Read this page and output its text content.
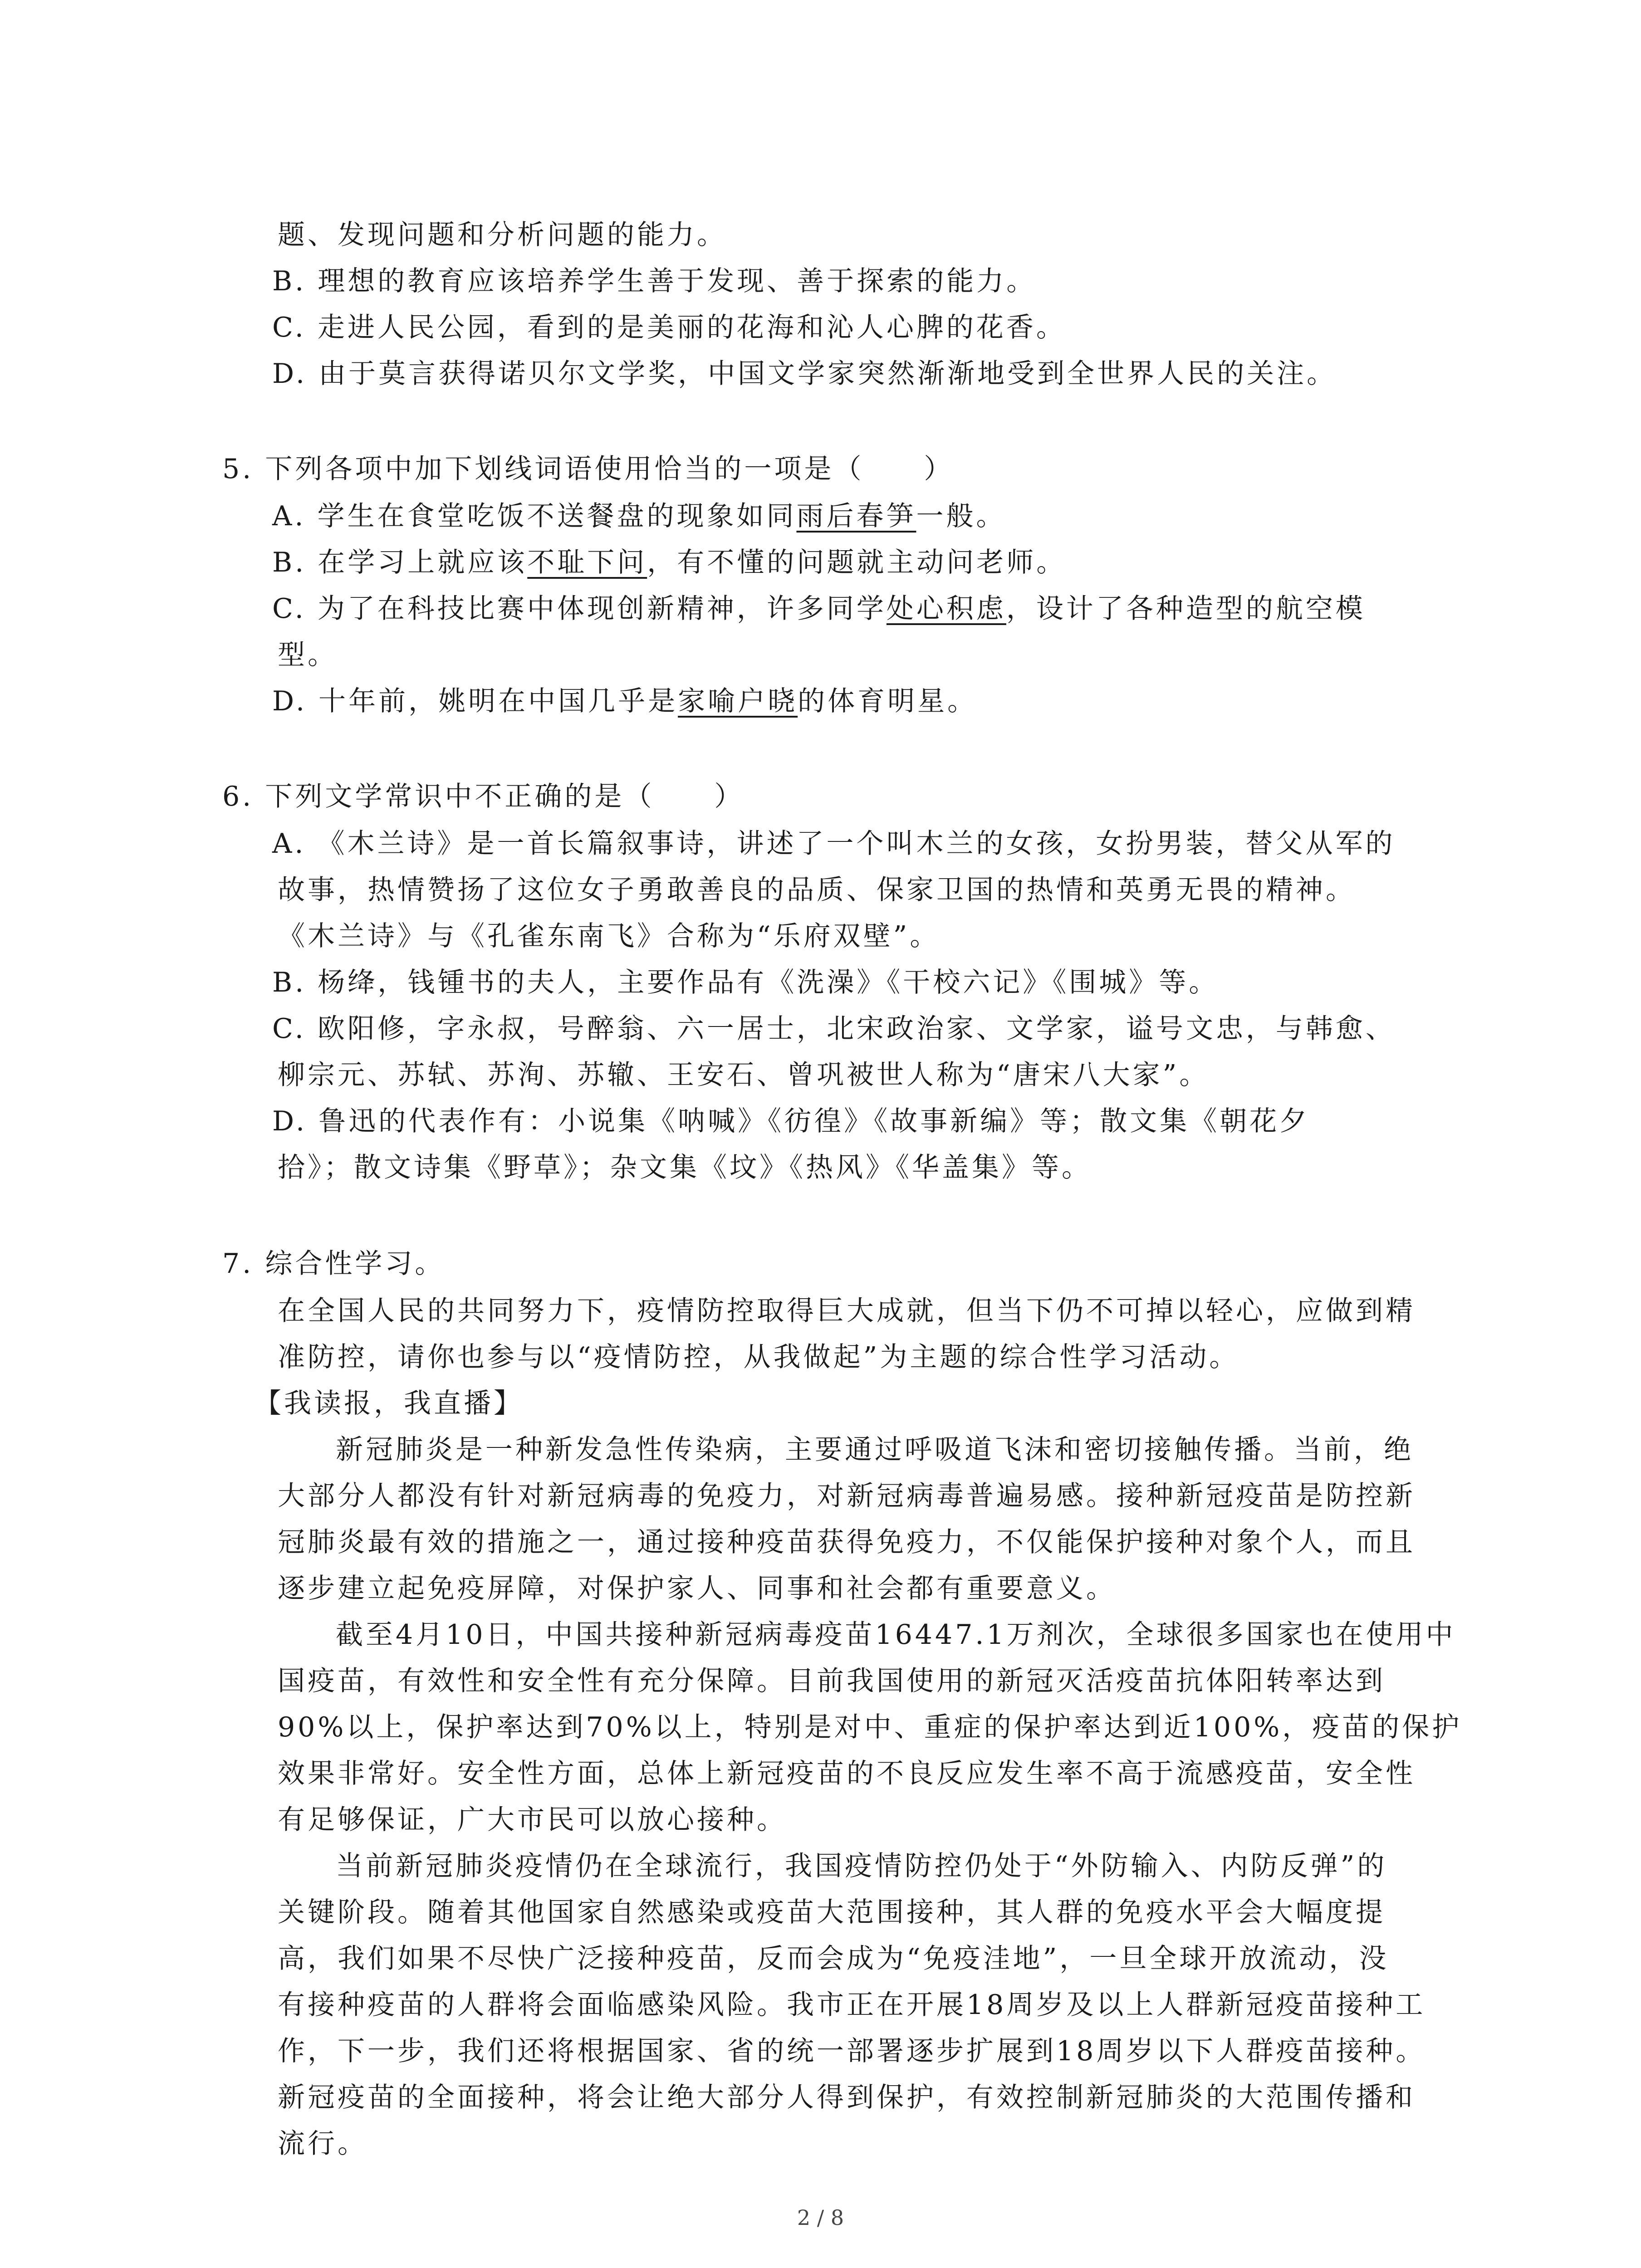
题、发现问题和分析问题的能力。
B. 理想的教育应该培养学生善于发现、善于探索的能力。
C. 走进人民公园，看到的是美丽的花海和沁人心脾的花香。
D. 由于莫言获得诺贝尔文学奖，中国文学家突然渐渐地受到全世界人民的关注。
5. 下列各项中加下划线词语使用恰当的一项是（　　）
A. 学生在食堂吃饭不送餐盘的现象如同雨后春笋一般。
B. 在学习上就应该不耻下问，有不懂的问题就主动问老师。
C. 为了在科技比赛中体现创新精神，许多同学处心积虑，设计了各种造型的航空模
型。
D. 十年前，姚明在中国几乎是家喻户晓的体育明星。
6. 下列文学常识中不正确的是（　　）
A. 《木兰诗》是一首长篇叙事诗，讲述了一个叫木兰的女孩，女扮男装，替父从军的
故事，热情赞扬了这位女子勇敢善良的品质、保家卫国的热情和英勇无畏的精神。
《木兰诗》与《孔雀东南飞》合称为“乐府双壁”。
B. 杨绛，钱锺书的夫人，主要作品有《洗澡》《干校六记》《围城》等。
C. 欧阳修，字永叔，号醉翁、六一居士，北宋政治家、文学家，谥号文忠，与韩愈、
柳宗元、苏轼、苏洵、苏辙、王安石、曾巩被世人称为“唐宋八大家”。
D. 鲁迅的代表作有：小说集《呐喊》《彷徨》《故事新编》等；散文集《朝花夕
拾》；散文诗集《野草》；杂文集《坟》《热风》《华盖集》等。
7. 综合性学习。
在全国人民的共同努力下，疫情防控取得巨大成就，但当下仍不可掉以轻心，应做到精
准防控，请你也参与以“疫情防控，从我做起”为主题的综合性学习活动。
【我读报，我直播】
新冠肺炎是一种新发急性传染病，主要通过呼吸道飞沫和密切接触传播。当前，绝
大部分人都没有针对新冠病毒的免疫力，对新冠病毒普遍易感。接种新冠疫苗是防控新
冠肺炎最有效的措施之一，通过接种疫苗获得免疫力，不仅能保护接种对象个人，而且
逐步建立起免疫屏障，对保护家人、同事和社会都有重要意义。
截至4月10日，中国共接种新冠病毒疫苗16447.1万剂次，全球很多国家也在使用中
国疫苗，有效性和安全性有充分保障。目前我国使用的新冠灭活疫苗抗体阳转率达到
90%以上，保护率达到70%以上，特别是对中、重症的保护率达到近100%，疫苗的保护
效果非常好。安全性方面，总体上新冠疫苗的不良反应发生率不高于流感疫苗，安全性
有足够保证，广大市民可以放心接种。
当前新冠肺炎疫情仍在全球流行，我国疫情防控仍处于“外防输入、内防反弹”的
关键阶段。随着其他国家自然感染或疫苗大范围接种，其人群的免疫水平会大幅度提
高，我们如果不尽快广泛接种疫苗，反而会成为“免疫洼地”，一旦全球开放流动，没
有接种疫苗的人群将会面临感染风险。我市正在开展18周岁及以上人群新冠疫苗接种工
作，下一步，我们还将根据国家、省的统一部署逐步扩展到18周岁以下人群疫苗接种。
新冠疫苗的全面接种，将会让绝大部分人得到保护，有效控制新冠肺炎的大范围传播和
流行。
2 / 8
